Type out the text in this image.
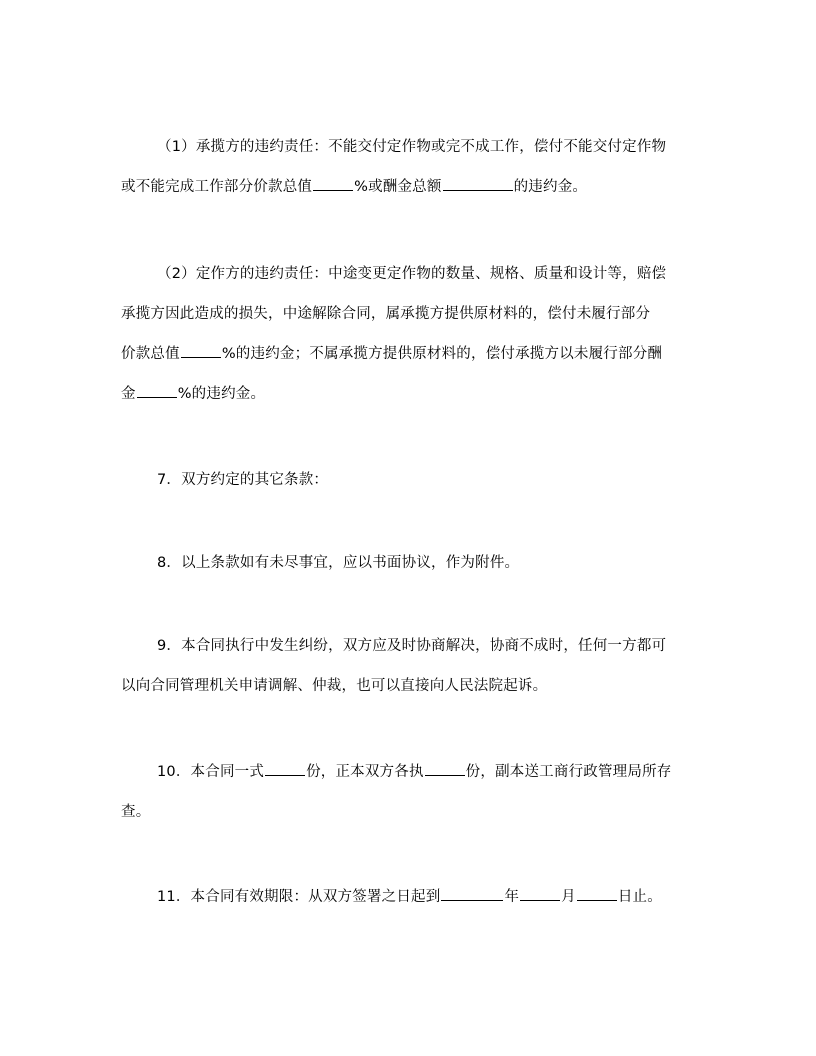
（1）承揽方的违约责任：不能交付定作物或完不成工作，偿付不能交付定作物
或不能完成工作部分价款总值	%或酬金总额	的违约金。
（2）定作方的违约责任：中途变更定作物的数量、规格、质量和设计等，赔偿
承揽方因此造成的损失，中途解除合同，属承揽方提供原材料的，偿付未履行部分
价款总值	%的违约金；不属承揽方提供原材料的，偿付承揽方以未履行部分酬
金	%的违约金。
7．双方约定的其它条款：
8．以上条款如有未尽事宜，应以书面协议，作为附件。
9．本合同执行中发生纠纷，双方应及时协商解决，协商不成时，任何一方都可
以向合同管理机关申请调解、仲裁，也可以直接向人民法院起诉。
10．本合同一式	份，正本双方各执	份，副本送工商行政管理局所存
查。
11．本合同有效期限：从双方签署之日起到	年	月	日止。
